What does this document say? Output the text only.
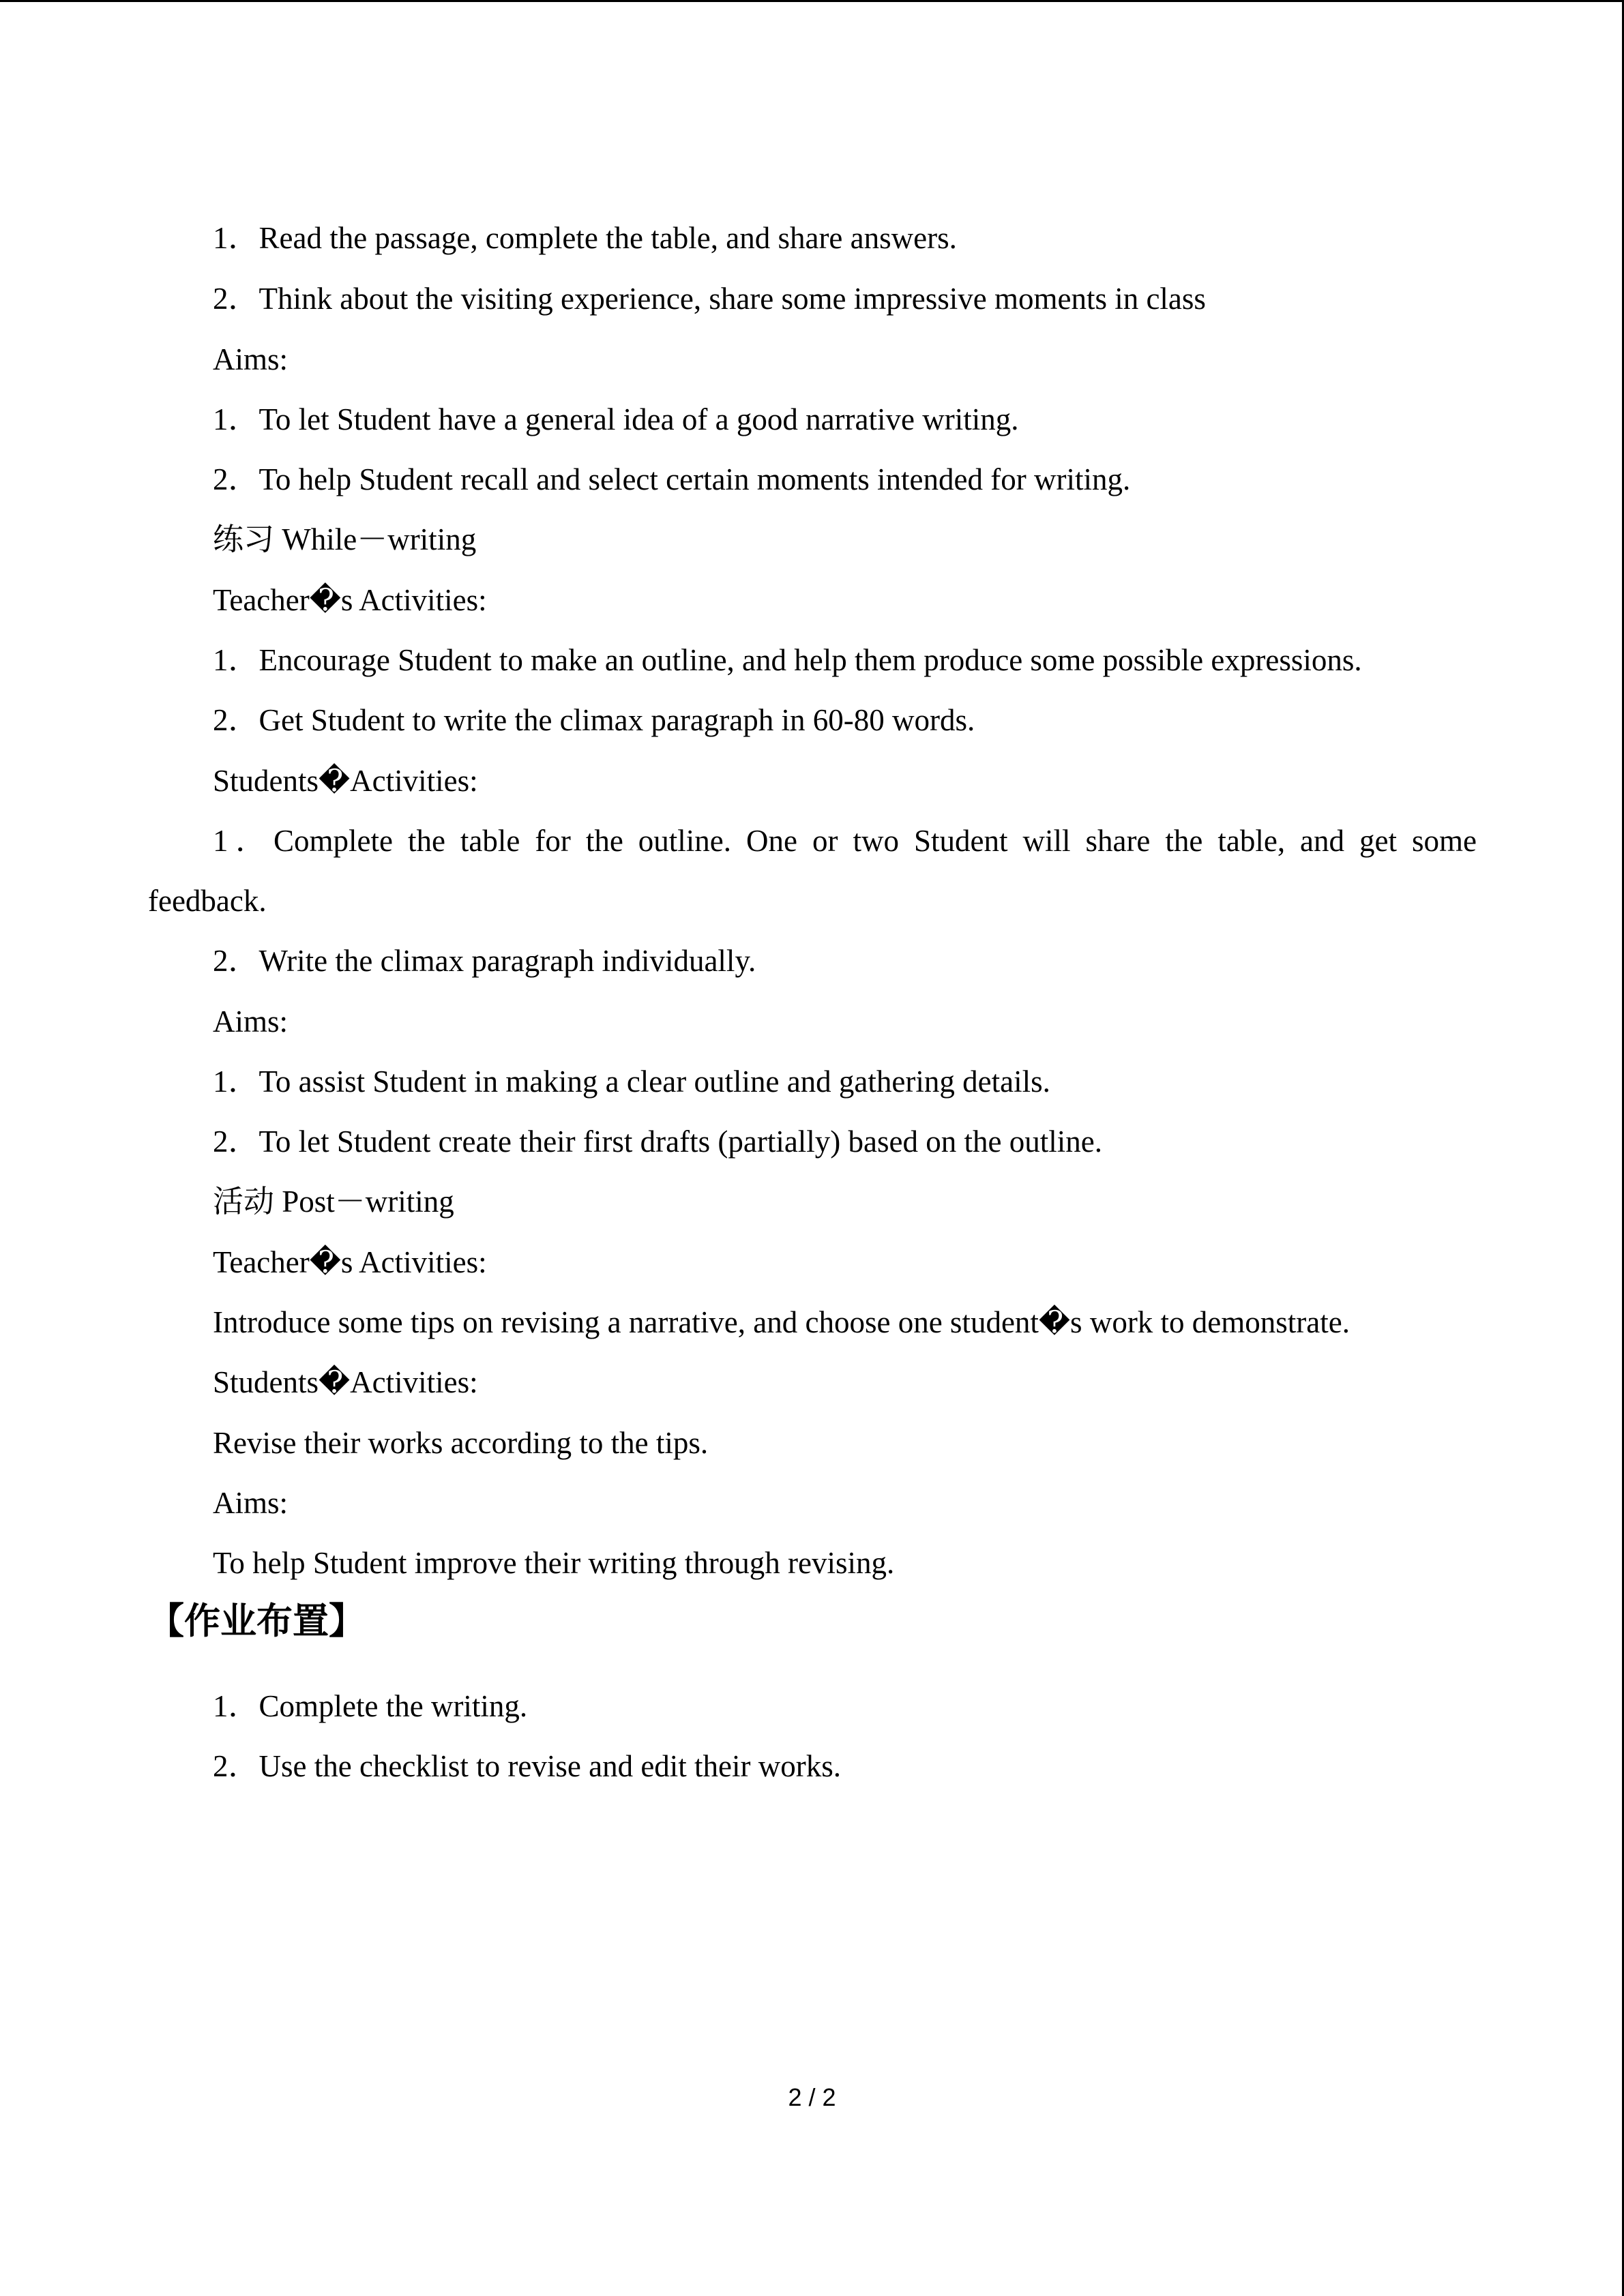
1．Read the passage, complete the table, and share answers.
2．Think about the visiting experience, share some impressive moments in class
Aims:
1．To let Student have a general idea of a good narrative writing.
2．To help Student recall and select certain moments intended for writing.
练习 While－writing
Teacher�s Activities:
1．Encourage Student to make an outline, and help them produce some possible expressions.
2．Get Student to write the climax paragraph in 60-80 words.
Students�Activities:
1．Complete the table for the outline. One or two Student will share the table, and get some
feedback.
2．Write the climax paragraph individually.
Aims:
1．To assist Student in making a clear outline and gathering details.
2．To let Student create their first drafts (partially) based on the outline.
活动 Post－writing
Teacher�s Activities:
Introduce some tips on revising a narrative, and choose one student�s work to demonstrate.
Students�Activities:
Revise their works according to the tips.
Aims:
To help Student improve their writing through revising.
【作业布置】
1．Complete the writing.
2．Use the checklist to revise and edit their works.
2 / 2
